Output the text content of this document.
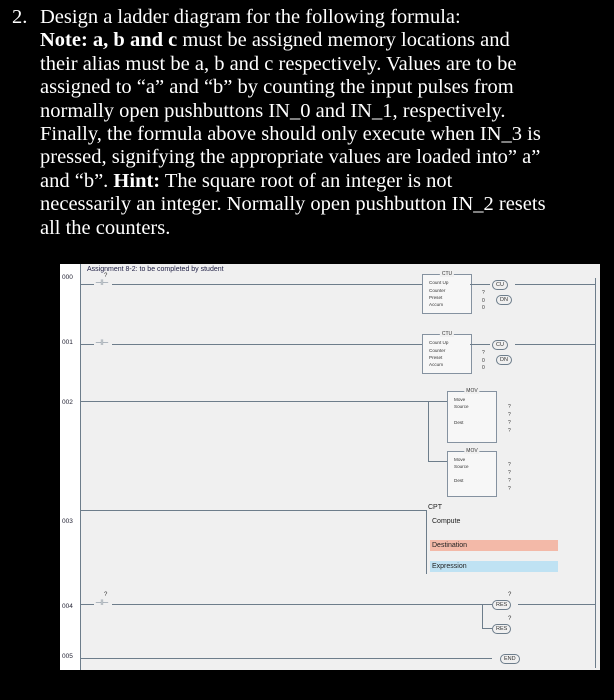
2. Design a ladder diagram for the following formula:
Note: a, b and c must be assigned memory locations and
their alias must be a, b and c respectively. Values are to be
assigned to “a” and “b” by counting the input pulses from
normally open pushbuttons IN_0 and IN_1, respectively.
Finally, the formula above should only execute when IN_3 is
pressed, signifying the appropriate values are loaded into” a”
and “b”. Hint: The square root of an integer is not
necessarily an integer. Normally open pushbutton IN_2 resets
all the counters.
Assignment 8-2: to be completed by student
000
001
002
003
004
005
?
⊣⊢
CTU
Count Up
Counter
Preset
Accum
?
0
0
CU
DN
⊣⊢
CTU
Count Up
Counter
Preset
Accum
?
0
0
CU
DN
MOV
Move
Source
Dest
?
?
?
?
MOV
Move
Source
Dest
?
?
?
?
CPT
Compute
Destination
Expression
?
⊣⊢
?
RES
?
RES
END
